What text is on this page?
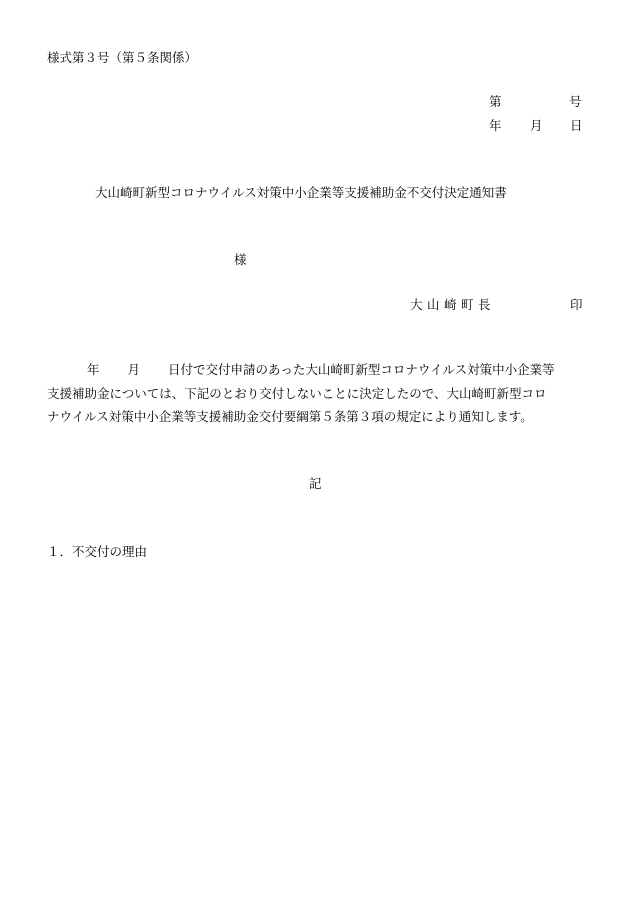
様式第３号（第５条関係）
第	号
年 月 日
大山崎町新型コロナウイルス対策中小企業等支援補助金不交付決定通知書
様
大山崎町長	印
年 月 日付で交付申請のあった大山崎町新型コロナウイルス対策中小企業等
支援補助金については、下記のとおり交付しないことに決定したので、大山崎町新型コロ
ナウイルス対策中小企業等支援補助金交付要綱第５条第３項の規定により通知します。
記
１．不交付の理由
